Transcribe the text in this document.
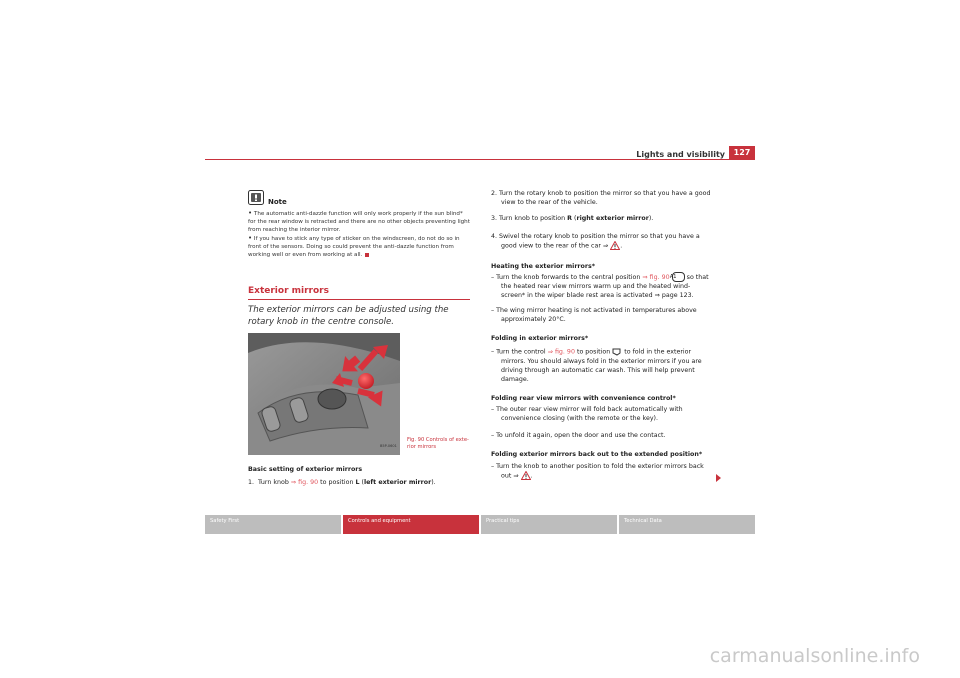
Lights and visibility	127
Note

• The automatic anti-dazzle function will only work properly if the sun blind* for the rear window is retracted and there are no other objects preventing light from reaching the interior mirror.

• If you have to stick any type of sticker on the windscreen, do not do so in front of the sensors. Doing so could prevent the anti-dazzle function from working well or even from working at all.

Exterior mirrors
The exterior mirrors can be adjusted using the rotary knob in the centre console.
B5P-0601
Fig. 90 Controls of exte- rior mirrors
Basic setting of exterior mirrors
1. Turn knob ⇒ fig. 90 to position L (left exterior mirror).
2. Turn the rotary knob to position the mirror so that you have a good view to the rear of the vehicle.
3. Turn knob to position R (right exterior mirror).
4. Swivel the rotary knob to position the mirror so that you have a good view to the rear of the car ⇒ .
Heating the exterior mirrors*
– Turn the knob forwards to the central position ⇒ fig. 90 A1 so that the heated rear view mirrors warm up and the heated wind- screen* in the wiper blade rest area is activated ⇒ page 123.
– The wing mirror heating is not activated in temperatures above approximately 20°C.
Folding in exterior mirrors*
– Turn the control ⇒ fig. 90 to position to fold in the exterior mirrors. You should always fold in the exterior mirrors if you are driving through an automatic car wash. This will help prevent damage.
Folding rear view mirrors with convenience control*
– The outer rear view mirror will fold back automatically with convenience closing (with the remote or the key).
– To unfold it again, open the door and use the contact.
Folding exterior mirrors back out to the extended position*
– Turn the knob to another position to fold the exterior mirrors back out ⇒ .
Safety First	Controls and equipment	Practical tips	Technical Data
carmanualsonline.info
